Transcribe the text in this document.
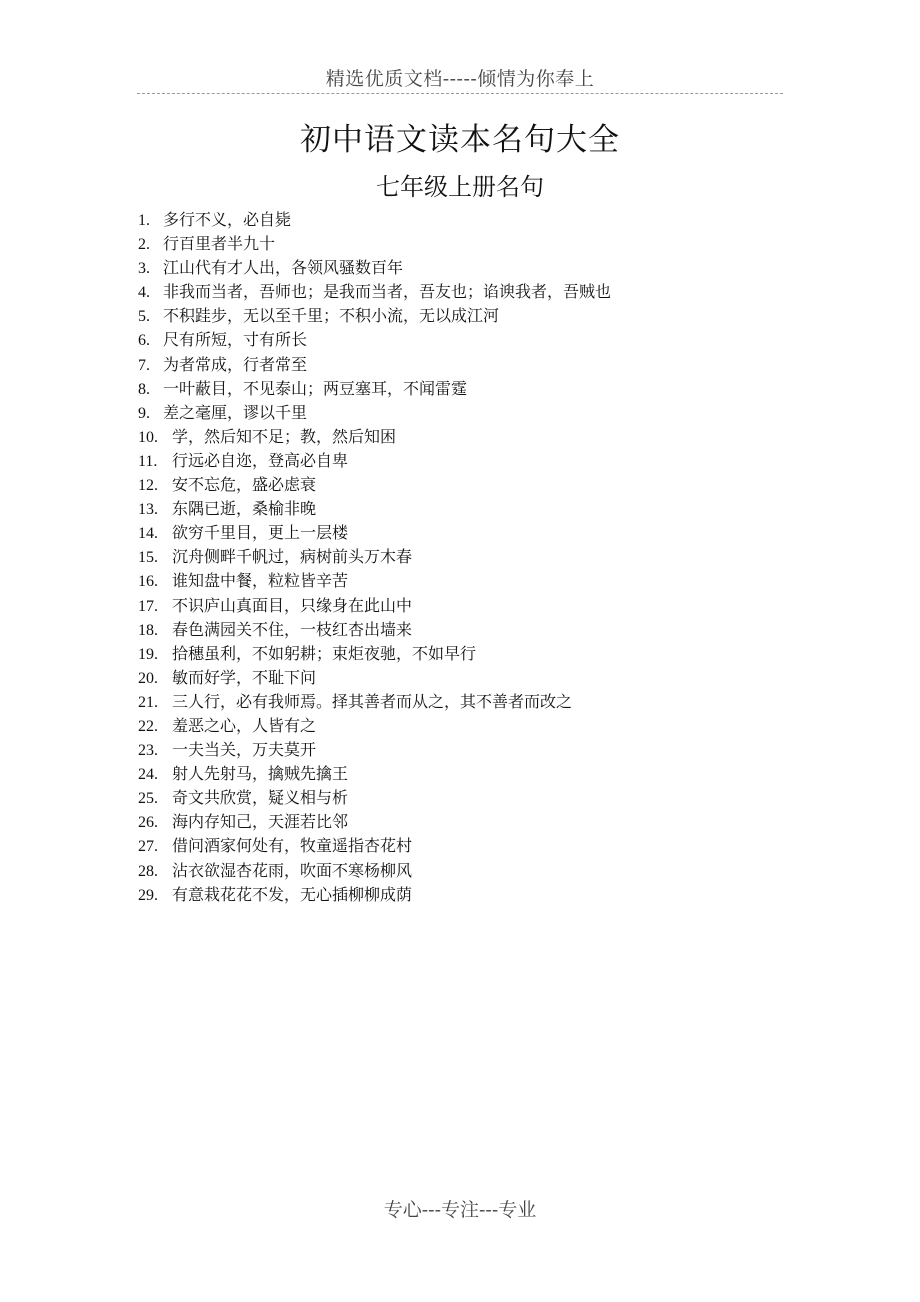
精选优质文档-----倾情为你奉上
初中语文读本名句大全
七年级上册名句
1. 多行不义，必自毙
2. 行百里者半九十
3. 江山代有才人出，各领风骚数百年
4. 非我而当者，吾师也；是我而当者，吾友也；谄谀我者，吾贼也
5. 不积跬步，无以至千里；不积小流，无以成江河
6. 尺有所短，寸有所长
7. 为者常成，行者常至
8. 一叶蔽目，不见泰山；两豆塞耳，不闻雷霆
9. 差之毫厘，谬以千里
10. 学，然后知不足；教，然后知困
11. 行远必自迩，登高必自卑
12. 安不忘危，盛必虑衰
13. 东隅已逝，桑榆非晚
14. 欲穷千里目，更上一层楼
15. 沉舟侧畔千帆过，病树前头万木春
16. 谁知盘中餐，粒粒皆辛苦
17. 不识庐山真面目，只缘身在此山中
18. 春色满园关不住，一枝红杏出墙来
19. 拾穗虽利，不如躬耕；束炬夜驰，不如早行
20. 敏而好学，不耻下问
21. 三人行，必有我师焉。择其善者而从之，其不善者而改之
22. 羞恶之心，人皆有之
23. 一夫当关，万夫莫开
24. 射人先射马，擒贼先擒王
25. 奇文共欣赏，疑义相与析
26. 海内存知己，天涯若比邻
27. 借问酒家何处有，牧童遥指杏花村
28. 沾衣欲湿杏花雨，吹面不寒杨柳风
29. 有意栽花花不发，无心插柳柳成荫
专心---专注---专业
